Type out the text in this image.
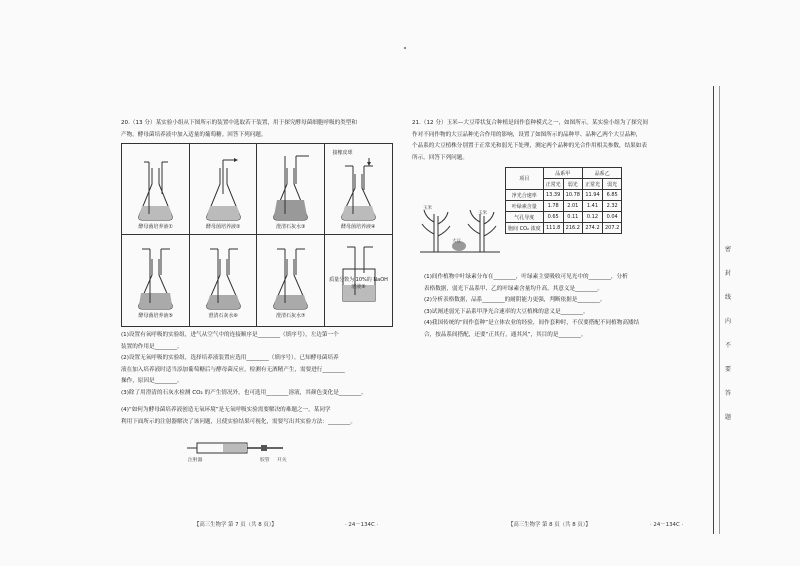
20.（13 分）某实验小组从下图所示的装置中选取若干装置，用于探究酵母菌细胞呼吸的类型和
产物。酵母菌培养液中加入适量的葡萄糖。回答下列问题。
酵母菌培养液①	酵母菌培养液②	澄清石灰水③
接橡皮球
酵母菌培养液④
酵母菌培养液⑤	澄清石灰水⑥	澄清石灰水⑦
质量分数为 10%的 NaOH 溶液⑧
(1)设置有氧呼吸的实验组，进气从空气中的连接顺序是________（填序号），左边第一个
装置的作用是________。
(2)设置无氧呼吸的实验组，选择培养液装置应选用________（填序号）。已知酵母菌培养
液在加入培养液时适当添加葡萄糖后与酵母菌反应，检测有无酒精产生，需要进行________
操作，原因是________。
(3)除了用澄清的石灰水检测 CO₂ 的产生情况外，也可选用________溶液，其颜色变化是________。
(4)“如何为酵母菌培养液创造无氧环境”是无氧呼吸实验需要解决的难题之一，某同学
利用下面所示的注射器解决了该问题，且使实验结果可视化，需要写出其实验方法：________。
注射器	胶管 开关
【高三生物学 第 7 页（共 8 页）】	· 24－134C ·
21.（12 分）玉米—大豆带状复合种植是间作套种模式之一，如图所示。某实验小组为了探究间
作对不同作物的大豆品种光合作用的影响，设置了如图所示的品种甲、品种乙两个大豆品种，
个品系的大豆植株分别置于正常光和弱光下处理，测定两个品种的光合作用相关参数，结果如表
所示。回答下列问题。
玉米
大豆
玉米
项目	品系甲		品系乙	
	正常光	弱光	正常光	弱光
净光合速率	13.39	10.78	11.94	6.85
叶绿素含量	1.78	2.01	1.41	2.32
气孔导度	0.65	0.11	0.12	0.04
胞间 CO₂ 浓度	111.8	216.2	274.2	207.2
(1)间作植物中叶绿素分布在________，叶绿素主要吸收可见光中的________，分析
表格数据，弱光下品系甲、乙的叶绿素含量均升高，其意义是________。
(2)分析表格数据，品系________的耐阴能力更强，判断依据是________。
(3)试阐述弱光下品系甲净光合速率的大豆植株的意义是________。
(4)我国传统的“间作套种”是立体农业的经验，间作套种时，不仅要搭配不同植物高矮结
合，按品系间搭配，还要“正其行，通其风”，其目的是________。
【高三生物学 第 8 页（共 8 页）】	· 24－134C ·
密
封
线
内
不
要
答
题
